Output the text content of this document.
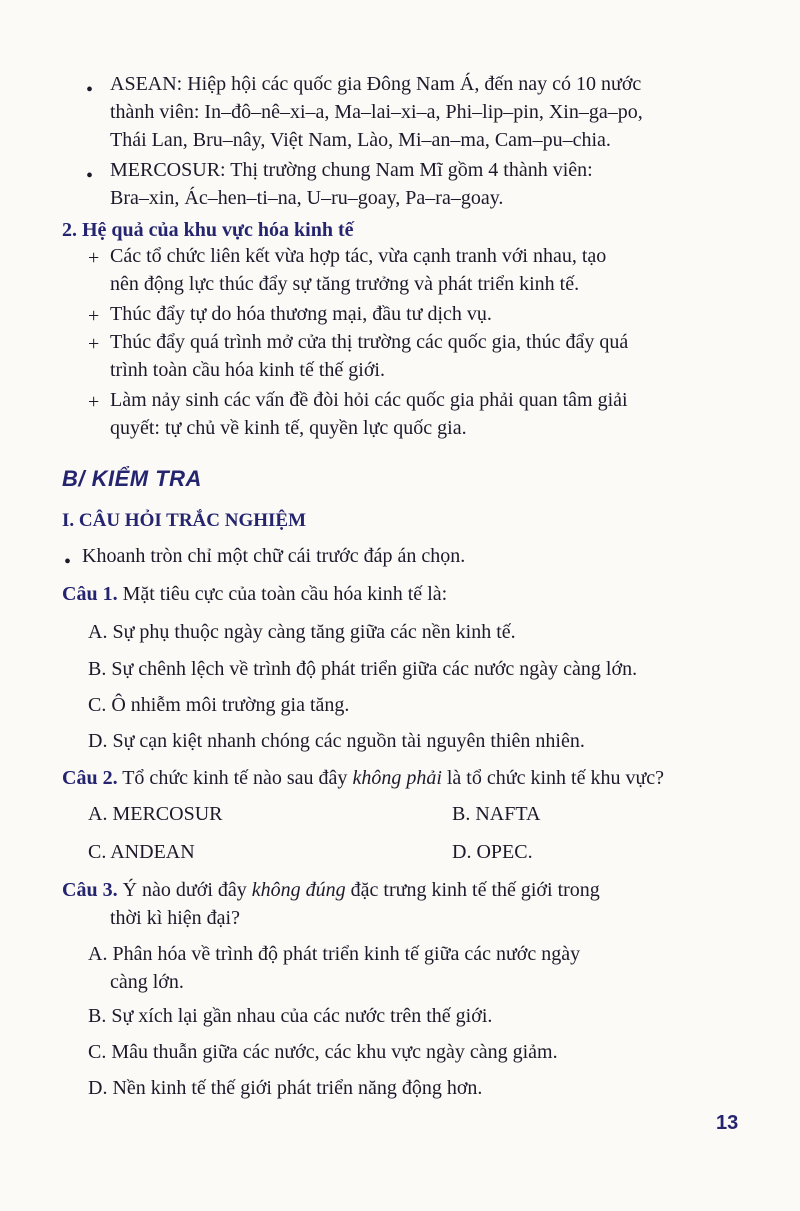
• ASEAN: Hiệp hội các quốc gia Đông Nam Á, đến nay có 10 nước
thành viên: In–đô–nê–xi–a, Ma–lai–xi–a, Phi–lip–pin, Xin–ga–po,
Thái Lan, Bru–nây, Việt Nam, Lào, Mi–an–ma, Cam–pu–chia.
• MERCOSUR: Thị trường chung Nam Mĩ gồm 4 thành viên:
Bra–xin, Ác–hen–ti–na, U–ru–goay, Pa–ra–goay.
2. Hệ quả của khu vực hóa kinh tế
+ Các tổ chức liên kết vừa hợp tác, vừa cạnh tranh với nhau, tạo
nên động lực thúc đẩy sự tăng trưởng và phát triển kinh tế.
+ Thúc đẩy tự do hóa thương mại, đầu tư dịch vụ.
+ Thúc đẩy quá trình mở cửa thị trường các quốc gia, thúc đẩy quá
trình toàn cầu hóa kinh tế thế giới.
+ Làm nảy sinh các vấn đề đòi hỏi các quốc gia phải quan tâm giải
quyết: tự chủ về kinh tế, quyền lực quốc gia.
B/ KIỂM TRA
I. CÂU HỎI TRẮC NGHIỆM
• Khoanh tròn chỉ một chữ cái trước đáp án chọn.
Câu 1. Mặt tiêu cực của toàn cầu hóa kinh tế là:
A. Sự phụ thuộc ngày càng tăng giữa các nền kinh tế.
B. Sự chênh lệch về trình độ phát triển giữa các nước ngày càng lớn.
C. Ô nhiễm môi trường gia tăng.
D. Sự cạn kiệt nhanh chóng các nguồn tài nguyên thiên nhiên.
Câu 2. Tổ chức kinh tế nào sau đây không phải là tổ chức kinh tế khu vực?
A. MERCOSUR	B. NAFTA
C. ANDEAN	D. OPEC.
Câu 3. Ý nào dưới đây không đúng đặc trưng kinh tế thế giới trong
thời kì hiện đại?
A. Phân hóa về trình độ phát triển kinh tế giữa các nước ngày
càng lớn.
B. Sự xích lại gần nhau của các nước trên thế giới.
C. Mâu thuẫn giữa các nước, các khu vực ngày càng giảm.
D. Nền kinh tế thế giới phát triển năng động hơn.
13
